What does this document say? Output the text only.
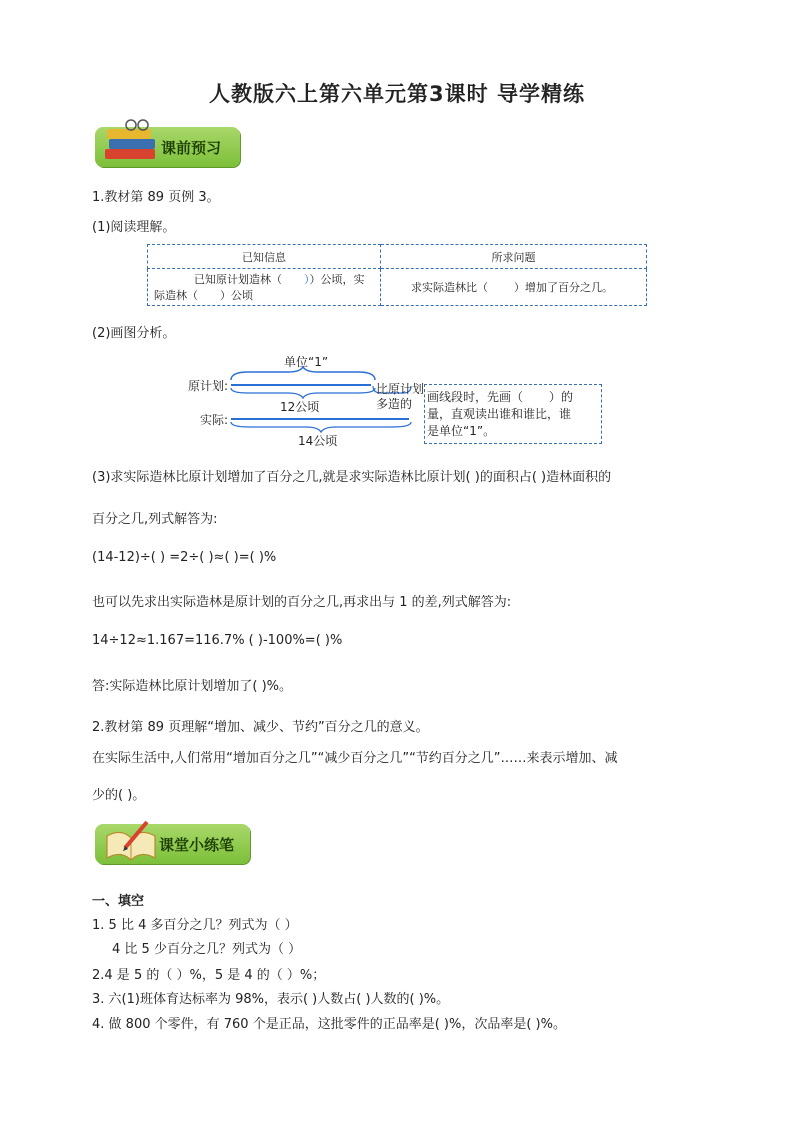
人教版六上第六单元第3课时 导学精练
课前预习
1.教材第 89 页例 3。
(1)阅读理解。
已知信息	所求问题

已知原计划造林（ ））公顷，实
际造林（ ）公顷	求实际造林比（ ）增加了百分之几。
(2)画图分析。
单位“1”
原计划:
12公顷
实际:
14公顷
比原计划
多造的 画线段时，先画（ ）的
量，直观读出谁和谁比，谁
是单位“1”。
(3)求实际造林比原计划增加了百分之几,就是求实际造林比原计划( )的面积占( )造林面积的
百分之几,列式解答为:
(14-12)÷( ) =2÷( )≈( )=( )%
也可以先求出实际造林是原计划的百分之几,再求出与 1 的差,列式解答为:
14÷12≈1.167=116.7% ( )-100%=( )%
答:实际造林比原计划增加了( )%。
2.教材第 89 页理解“增加、减少、节约”百分之几的意义。
在实际生活中,人们常用“增加百分之几”“减少百分之几”“节约百分之几”……来表示增加、减
少的( )。
课堂小练笔
一、填空
1. 5 比 4 多百分之几？列式为（ ）
4 比 5 少百分之几？列式为（ ）
2.4 是 5 的（ ）%，5 是 4 的（ ）%；
3. 六(1)班体育达标率为 98%，表示( )人数占( )人数的( )%。
4. 做 800 个零件，有 760 个是正品，这批零件的正品率是( )%，次品率是( )%。
